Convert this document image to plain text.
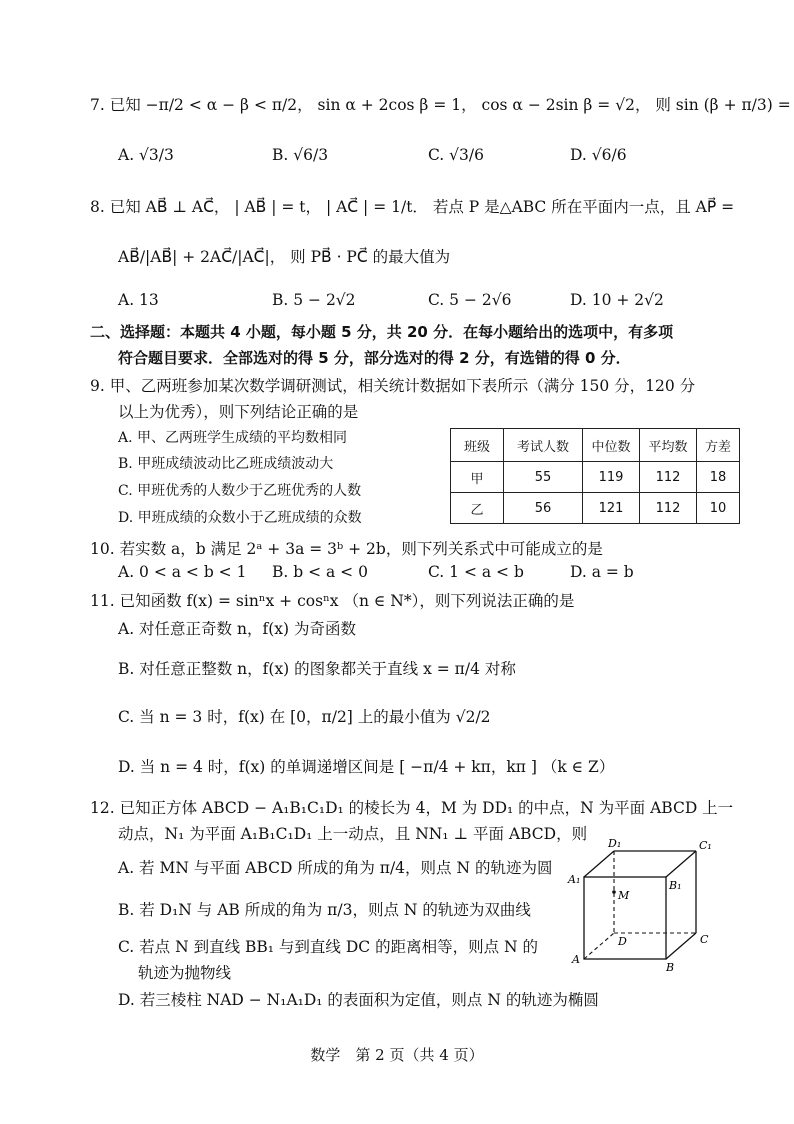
7. 已知 −π/2 < α − β < π/2， sin α + 2cos β = 1， cos α − 2sin β = √2， 则 sin (β + π/3) =
A. √3/3	B. √6/3	C. √3/6	D. √6/6
8. 已知 AB⃗ ⊥ AC⃗， | AB⃗ | = t， | AC⃗ | = 1/t． 若点 P 是△ABC 所在平面内一点，且 AP⃗ =
AB⃗/|AB⃗| + 2AC⃗/|AC⃗|， 则 PB⃗ · PC⃗ 的最大值为
A. 13	B. 5 − 2√2	C. 5 − 2√6	D. 10 + 2√2
二、选择题：本题共 4 小题，每小题 5 分，共 20 分．在每小题给出的选项中，有多项
符合题目要求．全部选对的得 5 分，部分选对的得 2 分，有选错的得 0 分．
9. 甲、乙两班参加某次数学调研测试，相关统计数据如下表所示（满分 150 分，120 分
以上为优秀），则下列结论正确的是
A. 甲、乙两班学生成绩的平均数相同
B. 甲班成绩波动比乙班成绩波动大
C. 甲班优秀的人数少于乙班优秀的人数
D. 甲班成绩的众数小于乙班成绩的众数
班级	考试人数	中位数	平均数	方差
甲	55	119	112	18
乙	56	121	112	10
10. 若实数 a，b 满足 2ᵃ + 3a = 3ᵇ + 2b，则下列关系式中可能成立的是
A. 0 < a < b < 1 B. b < a < 0	C. 1 < a < b	D. a = b
11. 已知函数 f(x) = sinⁿx + cosⁿx （n ∈ N*），则下列说法正确的是
A. 对任意正奇数 n，f(x) 为奇函数
B. 对任意正整数 n，f(x) 的图象都关于直线 x = π/4 对称
C. 当 n = 3 时，f(x) 在 [0，π/2] 上的最小值为 √2/2
D. 当 n = 4 时，f(x) 的单调递增区间是 [ −π/4 + kπ，kπ ] （k ∈ Z）
12. 已知正方体 ABCD − A₁B₁C₁D₁ 的棱长为 4，M 为 DD₁ 的中点，N 为平面 ABCD 上一
动点，N₁ 为平面 A₁B₁C₁D₁ 上一动点，且 NN₁ ⊥ 平面 ABCD，则
A. 若 MN 与平面 ABCD 所成的角为 π/4，则点 N 的轨迹为圆
B. 若 D₁N 与 AB 所成的角为 π/3，则点 N 的轨迹为双曲线
C. 若点 N 到直线 BB₁ 与到直线 DC 的距离相等，则点 N 的
轨迹为抛物线
D. 若三棱柱 NAD − N₁A₁D₁ 的表面积为定值，则点 N 的轨迹为椭圆
D₁	C₁
A₁	B₁
M
D	C
A
B
数学　第 2 页（共 4 页）
